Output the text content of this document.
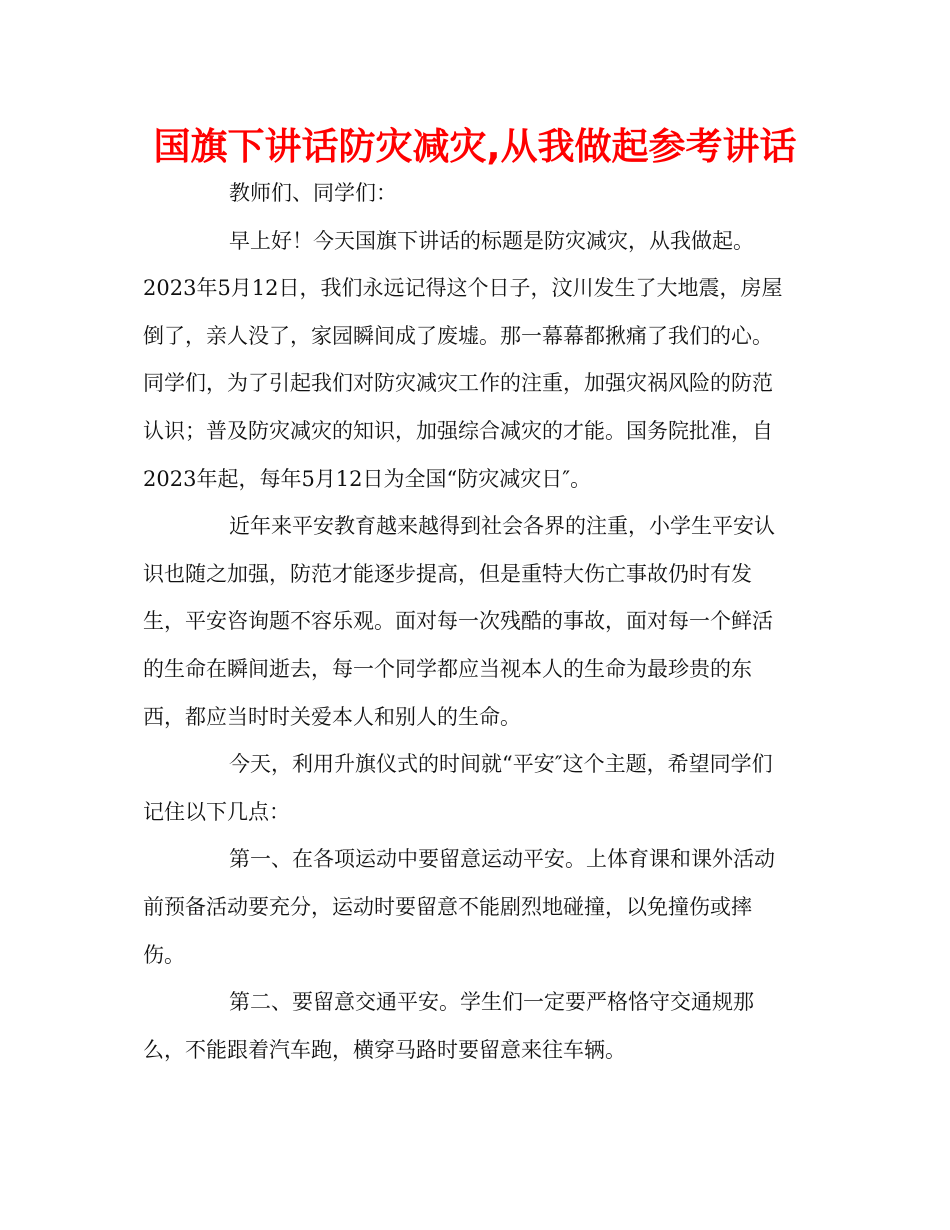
国旗下讲话防灾减灾,从我做起参考讲话
教师们、同学们：
早上好！今天国旗下讲话的标题是防灾减灾，从我做起。
2023年5月12日，我们永远记得这个日子，汶川发生了大地震，房屋
倒了，亲人没了，家园瞬间成了废墟。那一幕幕都揪痛了我们的心。
同学们，为了引起我们对防灾减灾工作的注重，加强灾祸风险的防范
认识；普及防灾减灾的知识，加强综合减灾的才能。国务院批准，自
2023年起，每年5月12日为全国“防灾减灾日″。
近年来平安教育越来越得到社会各界的注重，小学生平安认
识也随之加强，防范才能逐步提高，但是重特大伤亡事故仍时有发
生，平安咨询题不容乐观。面对每一次残酷的事故，面对每一个鲜活
的生命在瞬间逝去，每一个同学都应当视本人的生命为最珍贵的东
西，都应当时时关爱本人和别人的生命。
今天，利用升旗仪式的时间就“平安″这个主题，希望同学们
记住以下几点：
第一、在各项运动中要留意运动平安。上体育课和课外活动
前预备活动要充分，运动时要留意不能剧烈地碰撞，以免撞伤或摔
伤。
第二、要留意交通平安。学生们一定要严格恪守交通规那
么，不能跟着汽车跑，横穿马路时要留意来往车辆。
